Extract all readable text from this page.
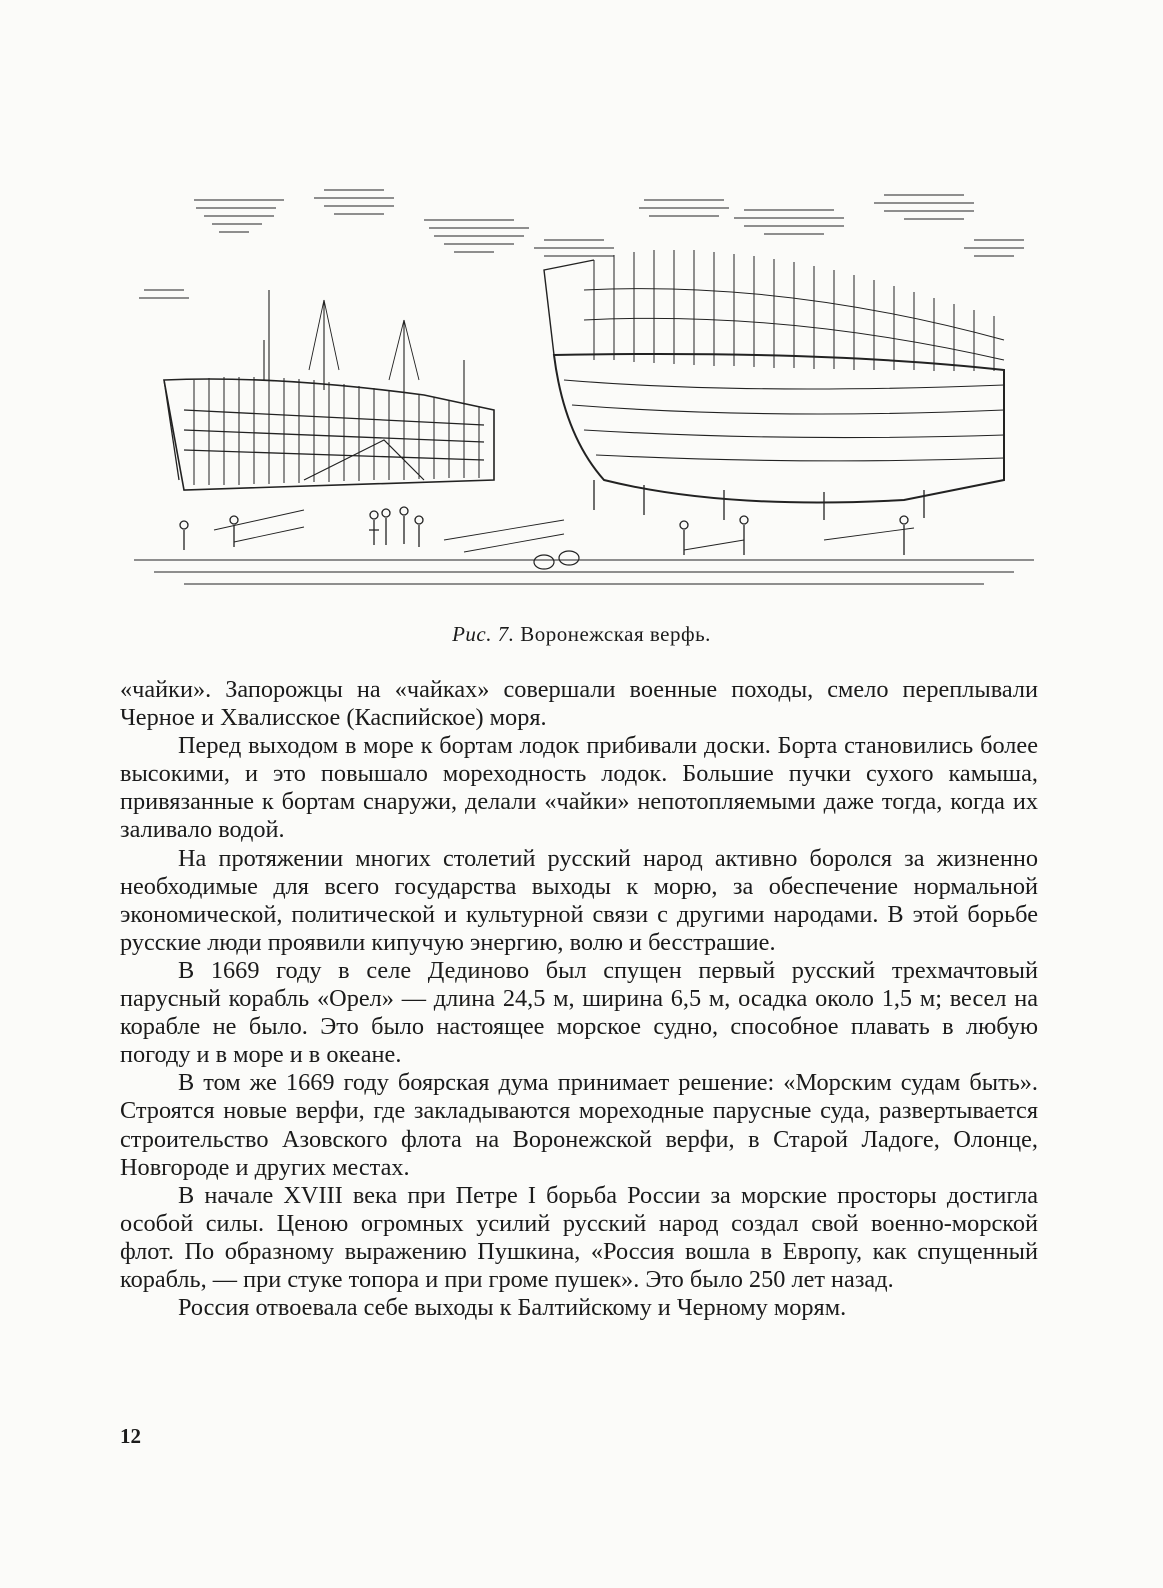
Рис. 7. Воронежская верфь.

«чайки». Запорожцы на «чайках» совершали военные походы, смело переплывали Черное и Хвалисское (Каспийское) моря.

Перед выходом в море к бортам лодок прибивали доски. Борта становились более высокими, и это повышало мореходность лодок. Большие пучки сухого камыша, привязанные к бортам снаружи, делали «чайки» непотопляемыми даже тогда, когда их заливало водой.

На протяжении многих столетий русский народ активно боролся за жизненно необходимые для всего государства выходы к морю, за обеспечение нормальной экономической, политической и культурной связи с другими народами. В этой борьбе русские люди проявили кипучую энергию, волю и бесстрашие.

В 1669 году в селе Дединово был спущен первый русский трехмачтовый парусный корабль «Орел» — длина 24,5 м, ширина 6,5 м, осадка около 1,5 м; весел на корабле не было. Это было настоящее морское судно, способное плавать в любую погоду и в море и в океане.

В том же 1669 году боярская дума принимает решение: «Морским судам быть». Строятся новые верфи, где закладываются мореходные парусные суда, развертывается строительство Азовского флота на Воронежской верфи, в Старой Ладоге, Олонце, Новгороде и других местах.

В начале XVIII века при Петре I борьба России за морские просторы достигла особой силы. Ценою огромных усилий русский народ создал свой военно-морской флот. По образному выражению Пушкина, «Россия вошла в Европу, как спущенный корабль, — при стуке топора и при громе пушек». Это было 250 лет назад.

Россия отвоевала себе выходы к Балтийскому и Черному морям.

12
